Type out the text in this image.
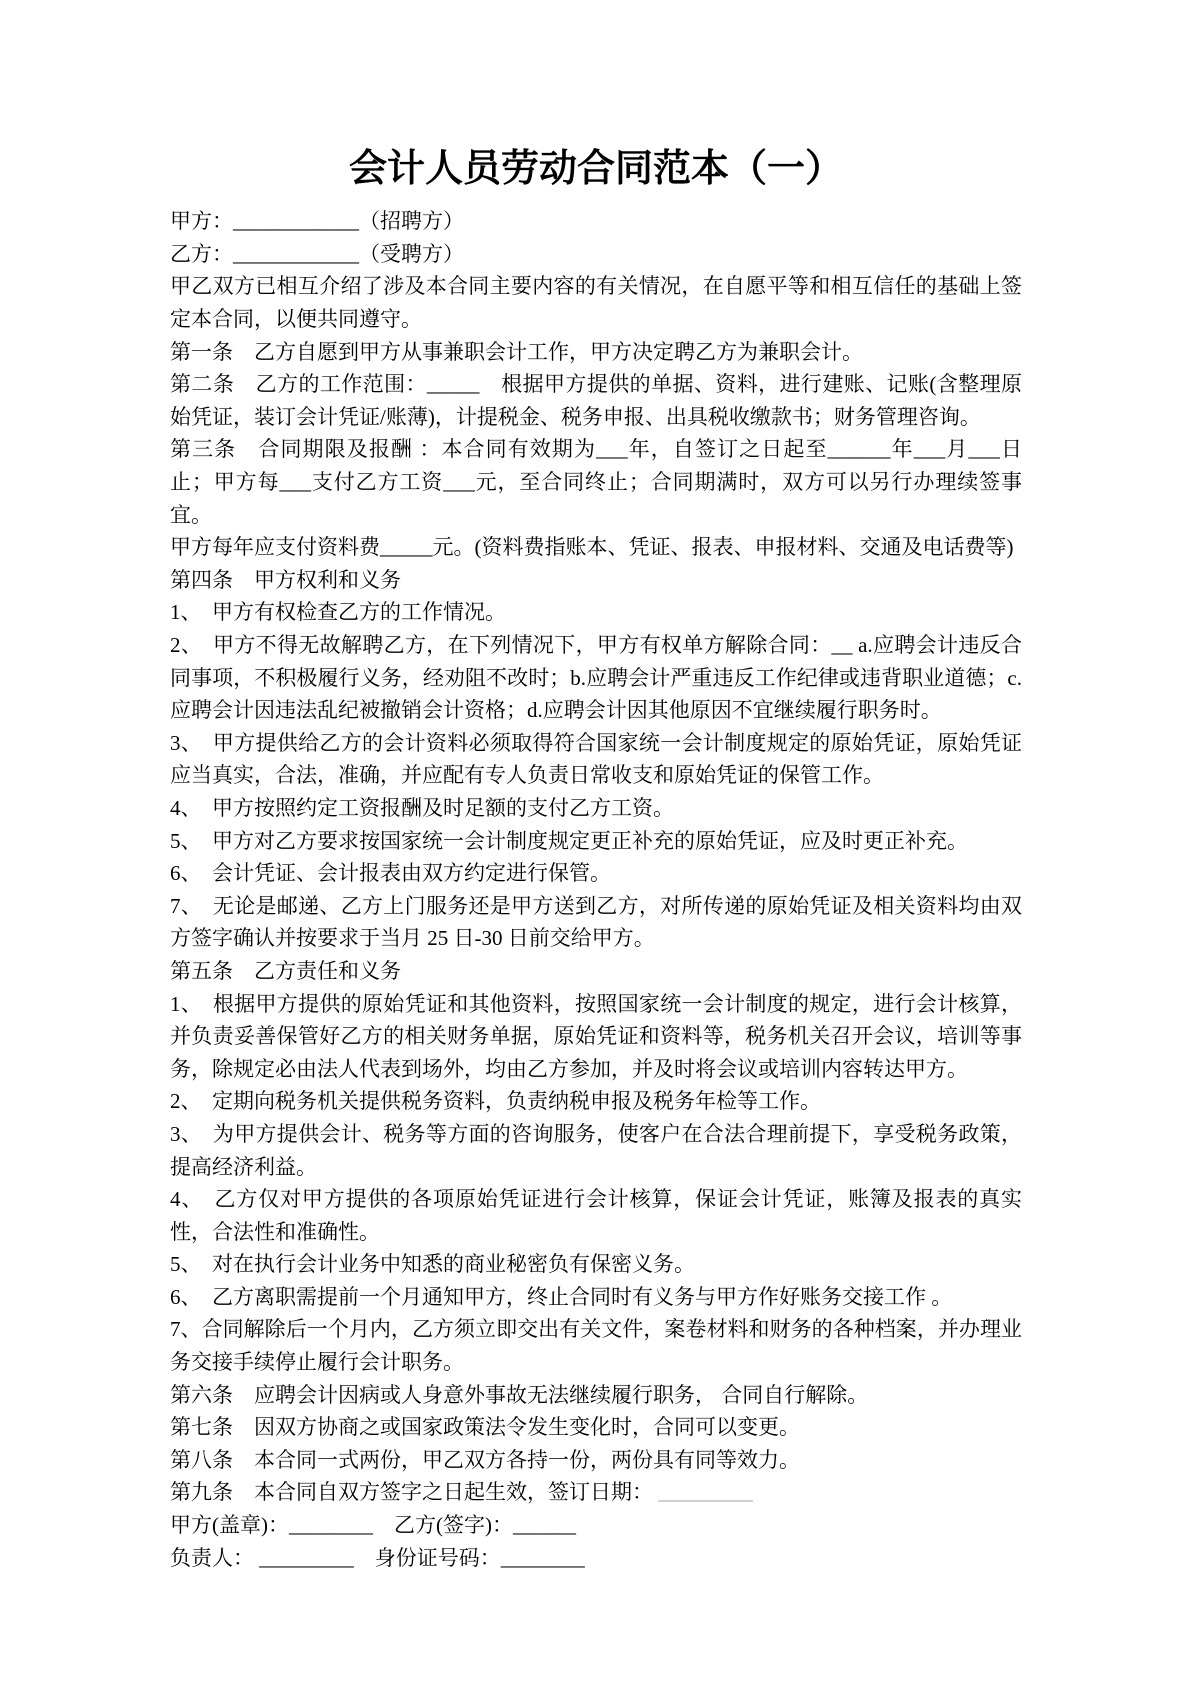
会计人员劳动合同范本（一）

甲方：____________（招聘方）

乙方：____________（受聘方）

甲乙双方已相互介绍了涉及本合同主要内容的有关情况，在自愿平等和相互信任的基础上签定本合同，以便共同遵守。

第一条　乙方自愿到甲方从事兼职会计工作，甲方决定聘乙方为兼职会计。

第二条　乙方的工作范围：_____　根据甲方提供的单据、资料，进行建账、记账(含整理原始凭证，装订会计凭证/账薄)，计提税金、税务申报、出具税收缴款书；财务管理咨询。

第三条　合同期限及报酬 ：本合同有效期为___年，自签订之日起至______年___月___日止；甲方每___支付乙方工资___元，至合同终止；合同期满时，双方可以另行办理续签事宜。

甲方每年应支付资料费_____元。(资料费指账本、凭证、报表、申报材料、交通及电话费等)

第四条　甲方权利和义务

1、　甲方有权检查乙方的工作情况。

2、　甲方不得无故解聘乙方，在下列情况下，甲方有权单方解除合同：__ a.应聘会计违反合同事项，不积极履行义务，经劝阻不改时；b.应聘会计严重违反工作纪律或违背职业道德；c. 应聘会计因违法乱纪被撤销会计资格；d.应聘会计因其他原因不宜继续履行职务时。

3、　甲方提供给乙方的会计资料必须取得符合国家统一会计制度规定的原始凭证，原始凭证应当真实，合法，准确，并应配有专人负责日常收支和原始凭证的保管工作。

4、　甲方按照约定工资报酬及时足额的支付乙方工资。

5、　甲方对乙方要求按国家统一会计制度规定更正补充的原始凭证，应及时更正补充。

6、　会计凭证、会计报表由双方约定进行保管。

7、　无论是邮递、乙方上门服务还是甲方送到乙方，对所传递的原始凭证及相关资料均由双方签字确认并按要求于当月 25 日-30 日前交给甲方。

第五条　乙方责任和义务

1、　根据甲方提供的原始凭证和其他资料，按照国家统一会计制度的规定，进行会计核算，并负责妥善保管好乙方的相关财务单据，原始凭证和资料等，税务机关召开会议，培训等事务，除规定必由法人代表到场外，均由乙方参加，并及时将会议或培训内容转达甲方。

2、　定期向税务机关提供税务资料，负责纳税申报及税务年检等工作。

3、　为甲方提供会计、税务等方面的咨询服务，使客户在合法合理前提下，享受税务政策，提高经济利益。

4、　乙方仅对甲方提供的各项原始凭证进行会计核算，保证会计凭证，账簿及报表的真实性，合法性和准确性。

5、　对在执行会计业务中知悉的商业秘密负有保密义务。

6、　乙方离职需提前一个月通知甲方，终止合同时有义务与甲方作好账务交接工作 。

7、合同解除后一个月内，乙方须立即交出有关文件，案卷材料和财务的各种档案，并办理业务交接手续停止履行会计职务。

第六条　应聘会计因病或人身意外事故无法继续履行职务， 合同自行解除。

第七条　因双方协商之或国家政策法令发生变化时，合同可以变更。

第八条　本合同一式两份，甲乙双方各持一份，两份具有同等效力。

第九条　本合同自双方签字之日起生效，签订日期： _________

甲方(盖章)：________　乙方(签字)：______

负责人： _________　身份证号码：________
